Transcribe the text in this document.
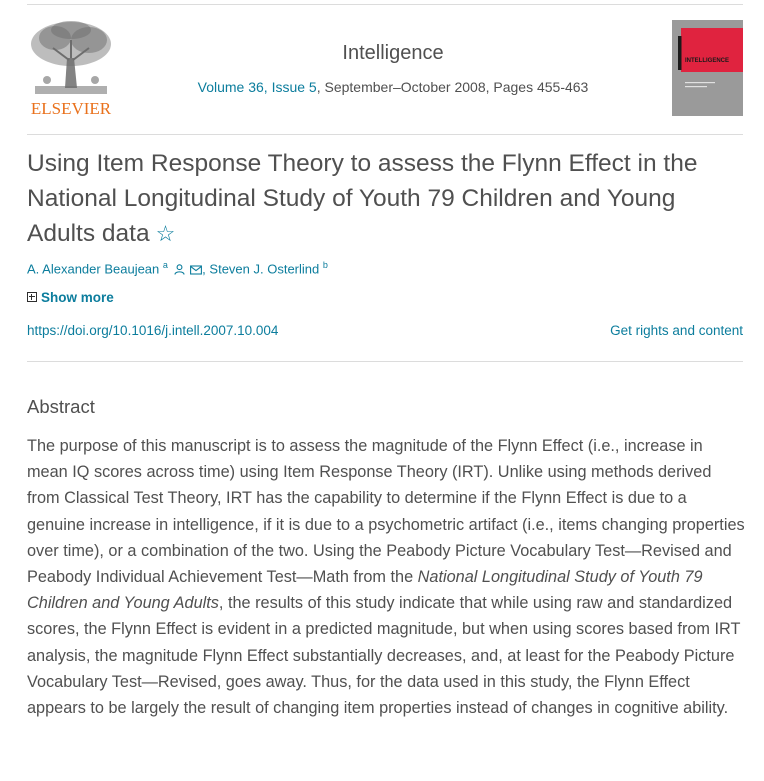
ELSEVIER
Intelligence
Volume 36, Issue 5, September–October 2008, Pages 455-463
INTELLIGENCE
Using Item Response Theory to assess the Flynn Effect in the National Longitudinal Study of Youth 79 Children and Young Adults data ☆
A. Alexander Beaujean $^a$	, Steven J. Osterlind $^b$
Show more
https://doi.org/10.1016/j.intell.2007.10.004	Get rights and content
Abstract

The purpose of this manuscript is to assess the magnitude of the Flynn Effect (i.e., increase in mean IQ scores across time) using Item Response Theory (IRT). Unlike using methods derived from Classical Test Theory, IRT has the capability to determine if the Flynn Effect is due to a genuine increase in intelligence, if it is due to a psychometric artifact (i.e., items changing properties over time), or a combination of the two. Using the Peabody Picture Vocabulary Test—Revised and Peabody Individual Achievement Test—Math from the National Longitudinal Study of Youth 79 Children and Young Adults, the results of this study indicate that while using raw and standardized scores, the Flynn Effect is evident in a predicted magnitude, but when using scores based from IRT analysis, the magnitude Flynn Effect substantially decreases, and, at least for the Peabody Picture Vocabulary Test—Revised, goes away. Thus, for the data used in this study, the Flynn Effect appears to be largely the result of changing item properties instead of changes in cognitive ability.
